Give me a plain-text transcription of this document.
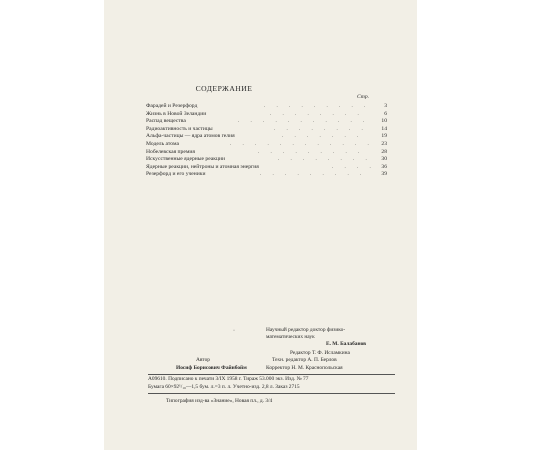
СОДЕРЖАНИЕ
Стр.
Фарадей и Резерфорд	. . . . . . . . . 3
Жизнь в Новой Зеландии	. . . . . . . .	6
Распад вещества	. . . . . . . . . . . 10
Радиоактивность и частицы	. . . . . . . . 14
Альфа-частицы — ядра атомов гелия	. . . . . . .	19
Модель атома	. . . . . . . . . . . . 23
Нобелевская премия	. . . . . . . . .	28
Искусственные ядерные реакции	. . . . . . . . 30
Ядерные реакции, нейтроны и атомная энергия	. . . . 36
Резерфорд и его ученики	. . . . . . . . .	39
·	Научный редактор доктор физико-
математических наук
Е. М. Балабанов
Редактор Т. Ф. Исламкина
Техн. редактор А. П. Берлов
Корректор Н. М. Краснопольская
Автор
Иосиф Борисович Файнбойм
А09610. Подписано к печати 3/IX 1958 г. Тираж 53.000 экз. Изд. № 77
Бумага 60×92¹/₁₆—1,5 бум. л.=3 п. л. Учетно-изд. 2,8 л. Заказ 2715
Типография изд-ва «Знание», Новая пл., д. 3/4
